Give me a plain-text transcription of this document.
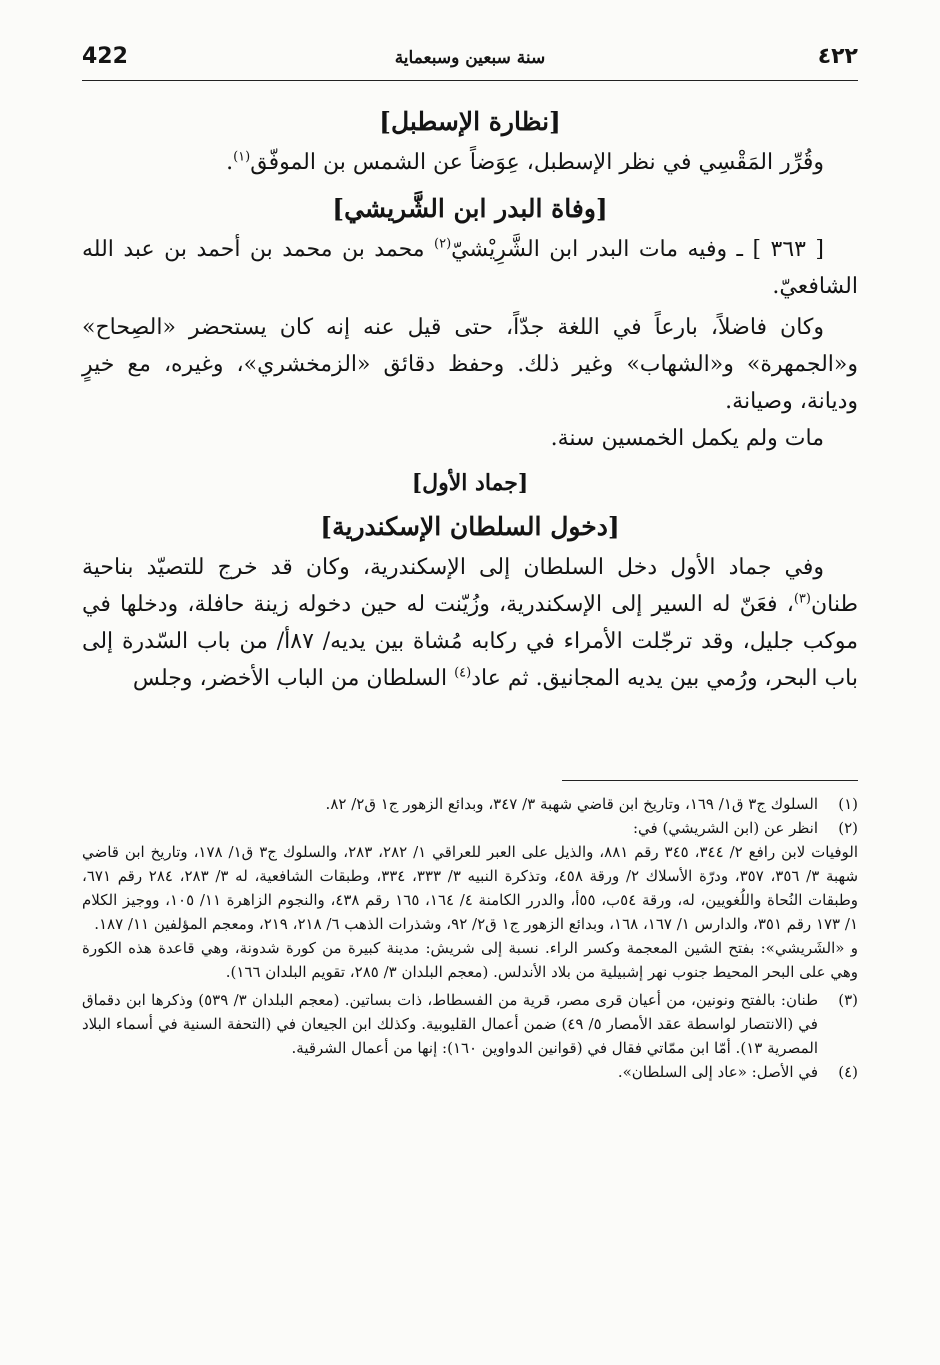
422	سنة سبعين وسبعماية	٤٢٢
[نظارة الإسطبل]

وقُرِّر المَقْسِي في نظر الإسطبل، عِوَضاً عن الشمس بن الموفّق$^{(١)}$.

[وفاة البدر ابن الشَّريشي]

[ ٣٦٣ ] ـ وفيه مات البدر ابن الشَّرِيْشيّ$^{(٢)}$ محمد بن محمد بن أحمد بن عبد الله الشافعيّ.

وكان فاضلاً، بارعاً في اللغة جدّاً، حتى قيل عنه إنه كان يستحضر «الصِحاح» و«الجمهرة» و«الشهاب» وغير ذلك. وحفظ دقائق «الزمخشري»، وغيره، مع خيرٍ وديانة، وصيانة.

مات ولم يكمل الخمسين سنة.

[جماد الأول]
[دخول السلطان الإسكندرية]

وفي جماد الأول دخل السلطان إلى الإسكندرية، وكان قد خرج للتصيّد بناحية طنان$^{(٣)}$، فعَنّ له السير إلى الإسكندرية، وزُيّنت له حين دخوله زينة حافلة، ودخلها في موكب جليل، وقد ترجّلت الأمراء في ركابه مُشاة بين يديه/ ٨٧أ/ من باب السّدرة إلى باب البحر، ورُمي بين يديه المجانيق. ثم عاد$^{(٤)}$ السلطان من الباب الأخضر، وجلس

(١)
السلوك ج٣ ق١/ ١٦٩، وتاريخ ابن قاضي شهبة ٣/ ٣٤٧، وبدائع الزهور ج١ ق٢/ ٨٢.
(٢)
انظر عن (ابن الشريشي) في:
الوفيات لابن رافع ٢/ ٣٤٤، ٣٤٥ رقم ٨٨١، والذيل على العبر للعراقي ١/ ٢٨٢، ٢٨٣، والسلوك ج٣ ق١/ ١٧٨، وتاريخ ابن قاضي شهبة ٣/ ٣٥٦، ٣٥٧، ودرّة الأسلاك ٢/ ورقة ٤٥٨، وتذكرة النبيه ٣/ ٣٣٣، ٣٣٤، وطبقات الشافعية، له ٣/ ٢٨٣، ٢٨٤ رقم ٦٧١، وطبقات النُحاة واللُغويين، له، ورقة ٥٤ب، ٥٥أ، والدرر الكامنة ٤/ ١٦٤، ١٦٥ رقم ٤٣٨، والنجوم الزاهرة ١١/ ١٠٥، ووجيز الكلام ١/ ١٧٣ رقم ٣٥١، والدارس ١/ ١٦٧، ١٦٨، وبدائع الزهور ج١ ق٢/ ٩٢، وشذرات الذهب ٦/ ٢١٨، ٢١٩، ومعجم المؤلفين ١١/ ١٨٧.
و «الشَريشي»: بفتح الشين المعجمة وكسر الراء. نسبة إلى شريش: مدينة كبيرة من كورة شدونة، وهي قاعدة هذه الكورة وهي على البحر المحيط جنوب نهر إشبيلية من بلاد الأندلس. (معجم البلدان ٣/ ٢٨٥، تقويم البلدان ١٦٦).
(٣)
طنان: بالفتح ونونين، من أعيان قرى مصر، قرية من الفسطاط، ذات بساتين. (معجم البلدان ٣/ ٥٣٩) وذكرها ابن دقماق في (الانتصار لواسطة عقد الأمصار ٥/ ٤٩) ضمن أعمال القليوبية. وكذلك ابن الجيعان في (التحفة السنية في أسماء البلاد المصرية ١٣). أمّا ابن ممّاتي فقال في (قوانين الدواوين ١٦٠): إنها من أعمال الشرقية.
(٤)
في الأصل: «عاد إلى السلطان».
